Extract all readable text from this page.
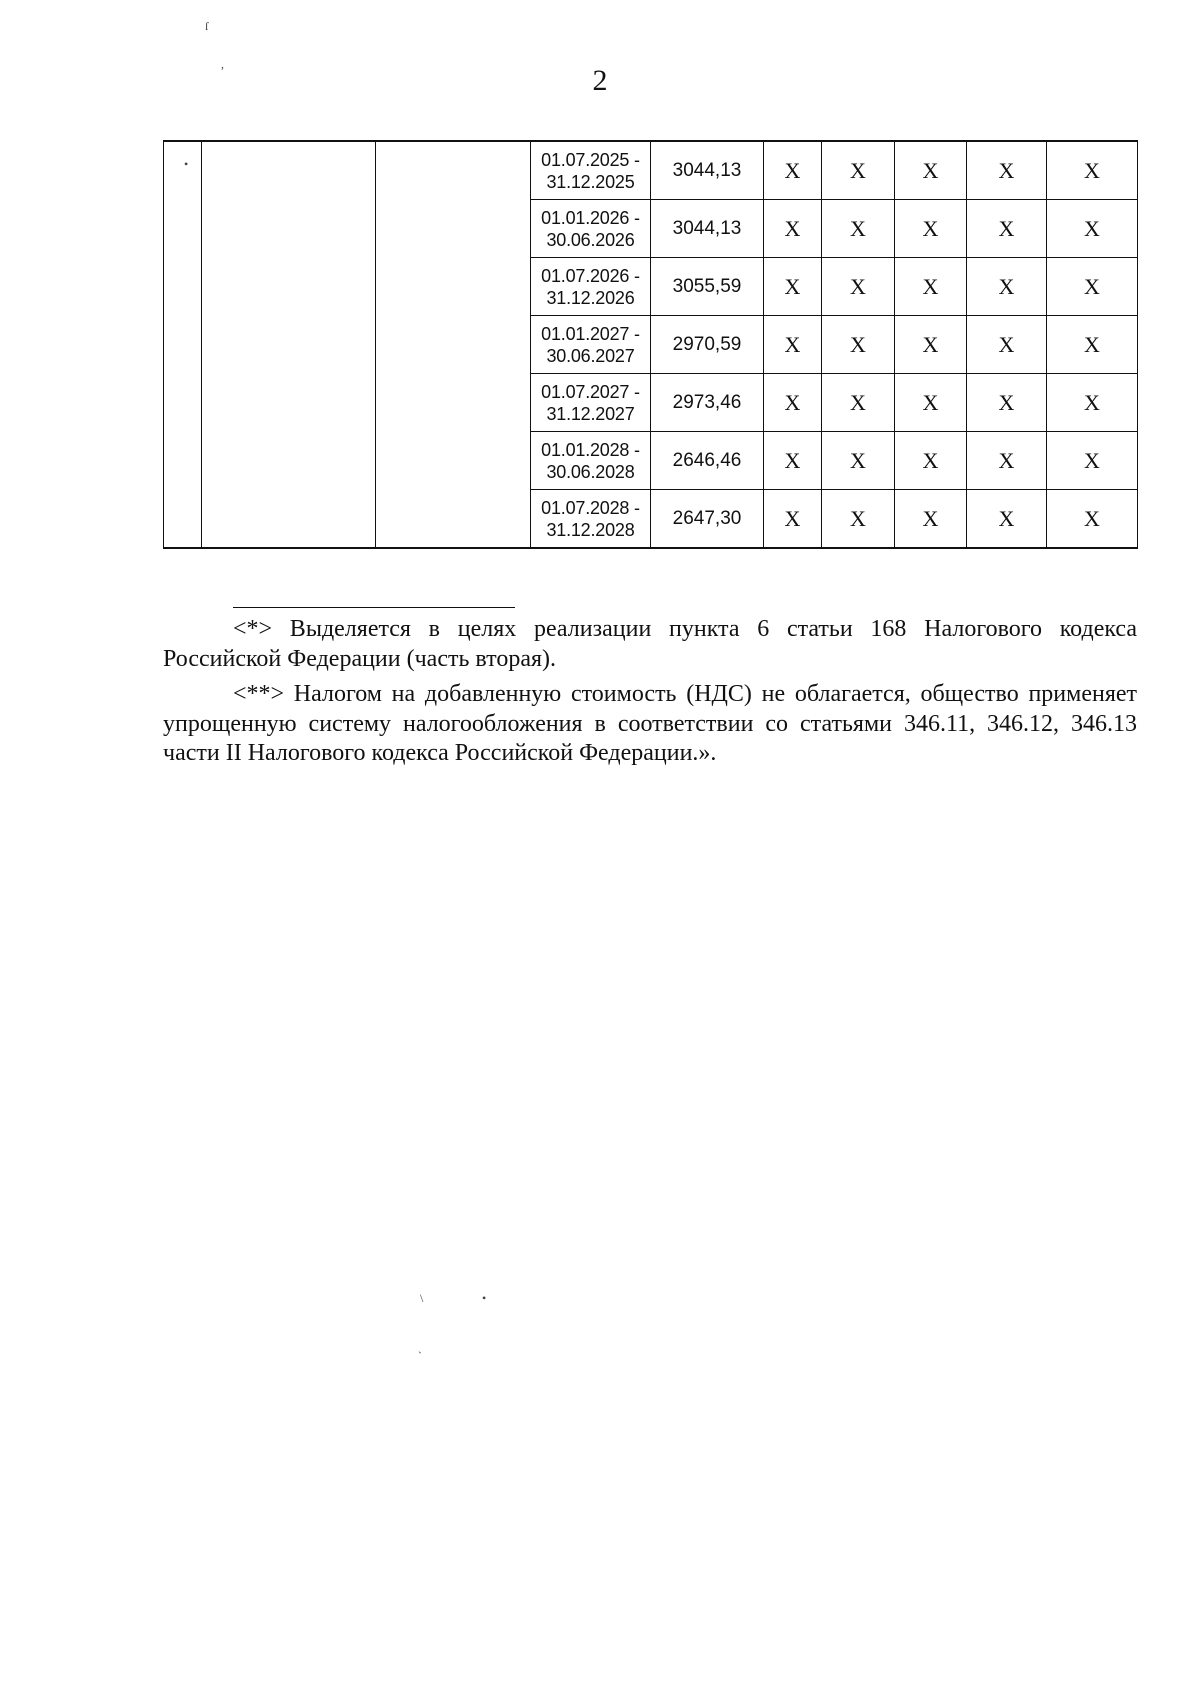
ſ
,
•
\	•
`
2

			01.07.2025 -
31.12.2025	3044,13	X	X	X	X	X

			01.01.2026 -
30.06.2026	3044,13	X	X	X	X	X

			01.07.2026 -
31.12.2026	3055,59	X	X	X	X	X

			01.01.2027 -
30.06.2027	2970,59	X	X	X	X	X

			01.07.2027 -
31.12.2027	2973,46	X	X	X	X	X

			01.01.2028 -
30.06.2028	2646,46	X	X	X	X	X

			01.07.2028 -
31.12.2028	2647,30	X	X	X	X	X

<*> Выделяется в целях реализации пункта 6 статьи 168 Налогового кодекса Российской Федерации (часть вторая).

<**> Налогом на добавленную стоимость (НДС) не облагается, общество применяет упрощенную систему налогообложения в соответствии со статьями 346.11, 346.12, 346.13 части II Налогового кодекса Российской Федерации.».
